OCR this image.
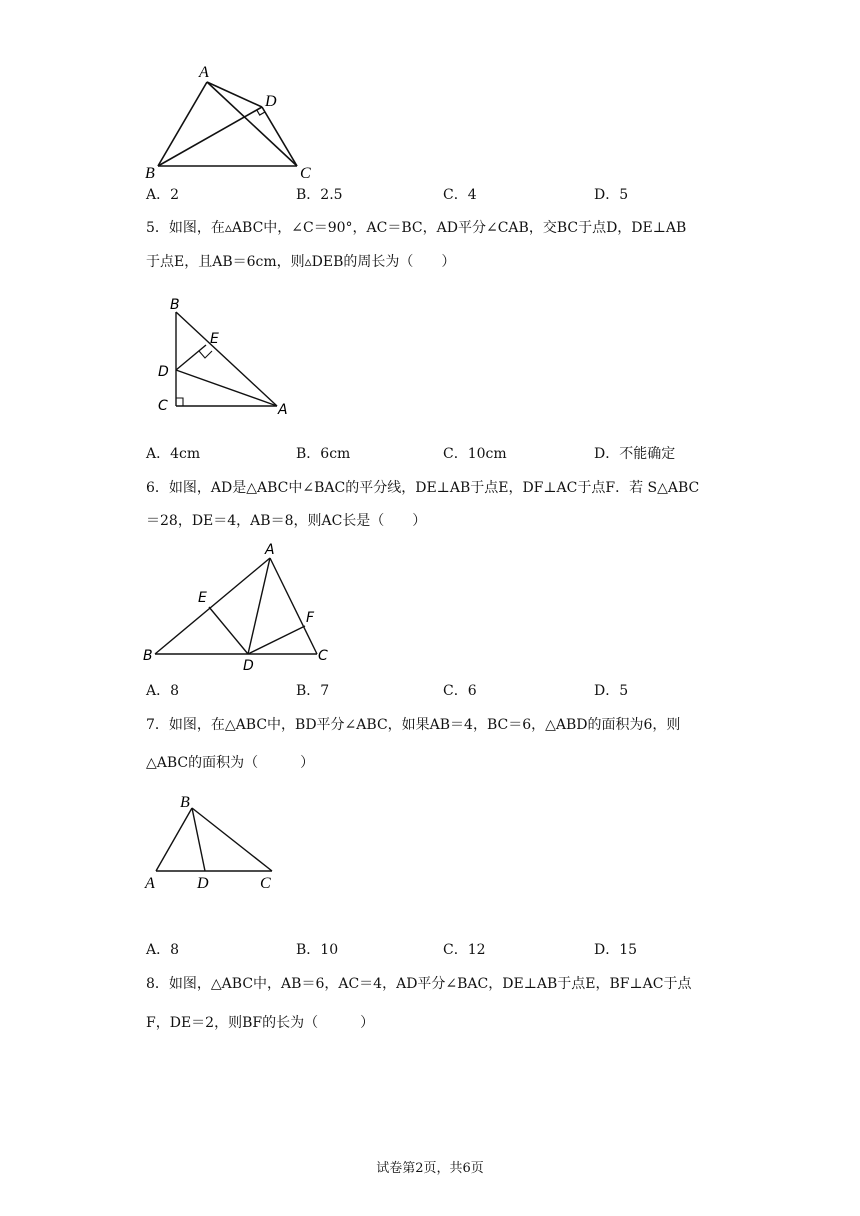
A
D
B	C
A．2	B．2.5	C．4	D．5
5．如图，在▵ABC中，∠C＝90°，AC＝BC，AD平分∠CAB，交BC于点D，DE⊥AB
于点E，且AB＝6cm，则▵DEB的周长为（　　）
B
E
D
C	A
A．4cm	B．6cm	C．10cm	D．不能确定
6．如图，AD是△ABC中∠BAC的平分线，DE⊥AB于点E，DF⊥AC于点F．若 S△ABC
＝28，DE＝4，AB＝8，则AC长是（　　）
A
E
F
B
D
C
A．8	B．7	C．6	D．5
7．如图，在△ABC中，BD平分∠ABC，如果AB＝4，BC＝6，△ABD的面积为6，则
△ABC的面积为（　　　）
B
A	D	C
A．8	B．10	C．12	D．15
8．如图，△ABC中，AB＝6，AC＝4，AD平分∠BAC，DE⊥AB于点E，BF⊥AC于点
F，DE＝2，则BF的长为（　　　）
试卷第2页，共6页
